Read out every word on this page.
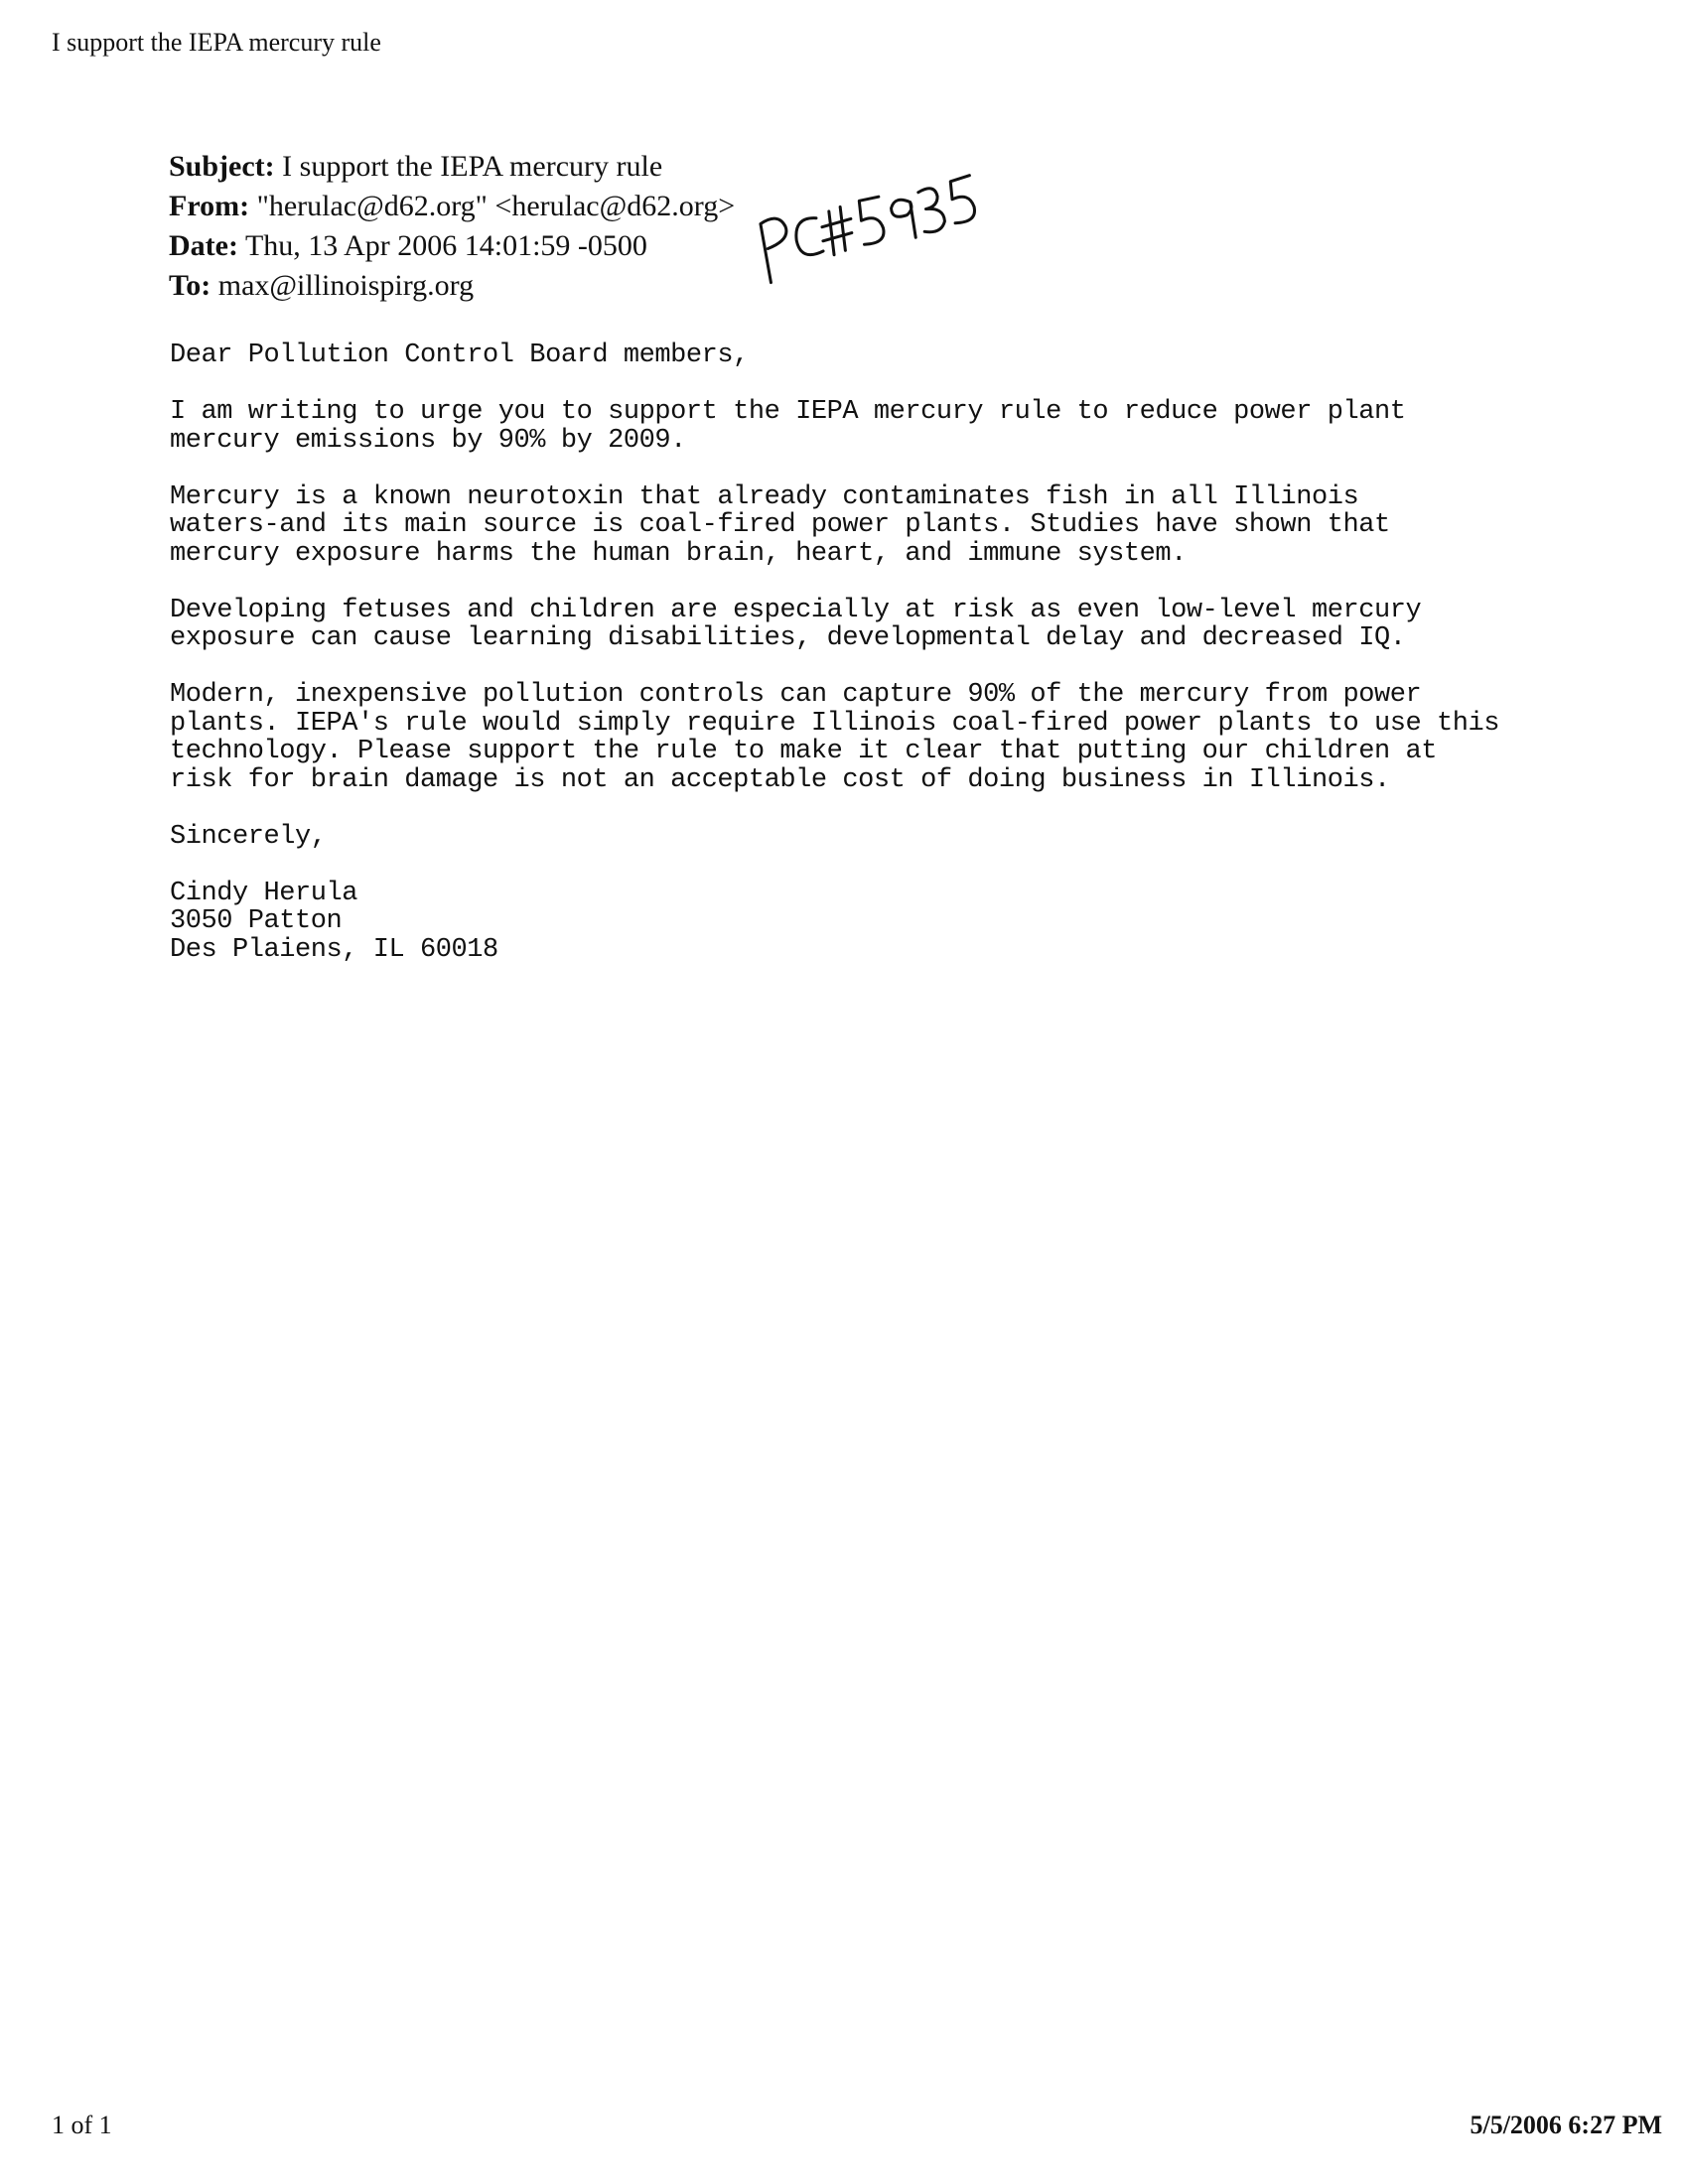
I support the IEPA mercury rule
Subject: I support the IEPA mercury rule
From: "herulac@d62.org" <herulac@d62.org>
Date: Thu, 13 Apr 2006 14:01:59 -0500
To: max@illinoispirg.org

Dear Pollution Control Board members,

I am writing to urge you to support the IEPA mercury rule to reduce power plant
mercury emissions by 90% by 2009.

Mercury is a known neurotoxin that already contaminates fish in all Illinois
waters-and its main source is coal-fired power plants. Studies have shown that
mercury exposure harms the human brain, heart, and immune system.

Developing fetuses and children are especially at risk as even low-level mercury
exposure can cause learning disabilities, developmental delay and decreased IQ.

Modern, inexpensive pollution controls can capture 90% of the mercury from power
plants. IEPA's rule would simply require Illinois coal-fired power plants to use this
technology. Please support the rule to make it clear that putting our children at
risk for brain damage is not an acceptable cost of doing business in Illinois.

Sincerely,

Cindy Herula
3050 Patton
Des Plaiens, IL 60018
1 of 1	5/5/2006 6:27 PM
